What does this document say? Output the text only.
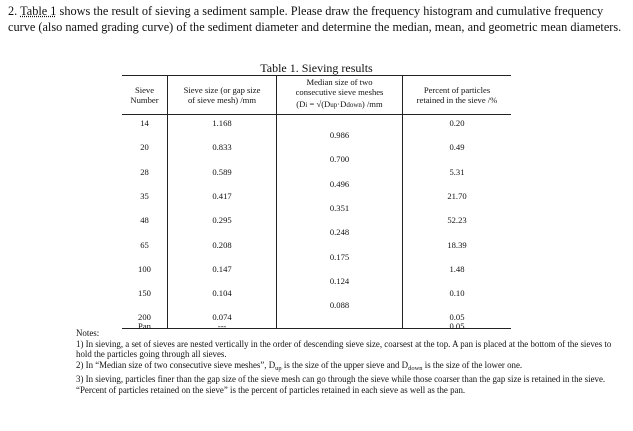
2. Table 1 shows the result of sieving a sediment sample. Please draw the frequency histogram and cumulative frequency curve (also named grading curve) of the sediment diameter and determine the median, mean, and geometric mean diameters.
Table 1. Sieving results
Sieve
Number
Sieve size (or gap size
of sieve mesh) /mm
Median size of two
consecutive sieve meshes
(Di = √(Dup·Ddown) /mm
Percent of particles
retained in the sieve /%
14
20
28
35
48
65
100
150
200
1.168
0.833
0.589
0.417
0.295
0.208
0.147
0.104
0.074
0.986
0.700
0.496
0.351
0.248
0.175
0.124
0.088
0.20
0.49
5.31
21.70
52.23
18.39
1.48
0.10
0.05
Pan	---	0.05

Notes:

1) In sieving, a set of sieves are nested vertically in the order of descending sieve size, coarsest at the top. A pan is placed at the bottom of the sieves to hold the particles going through all sieves.

2) In “Median size of two consecutive sieve meshes”, $D_{up}$ is the size of the upper sieve and $D_{down}$ is the size of the lower one.

3) In sieving, particles finer than the gap size of the sieve mesh can go through the sieve while those coarser than the gap size is retained in the sieve. “Percent of particles retained on the sieve” is the percent of particles retained in each sieve as well as the pan.
